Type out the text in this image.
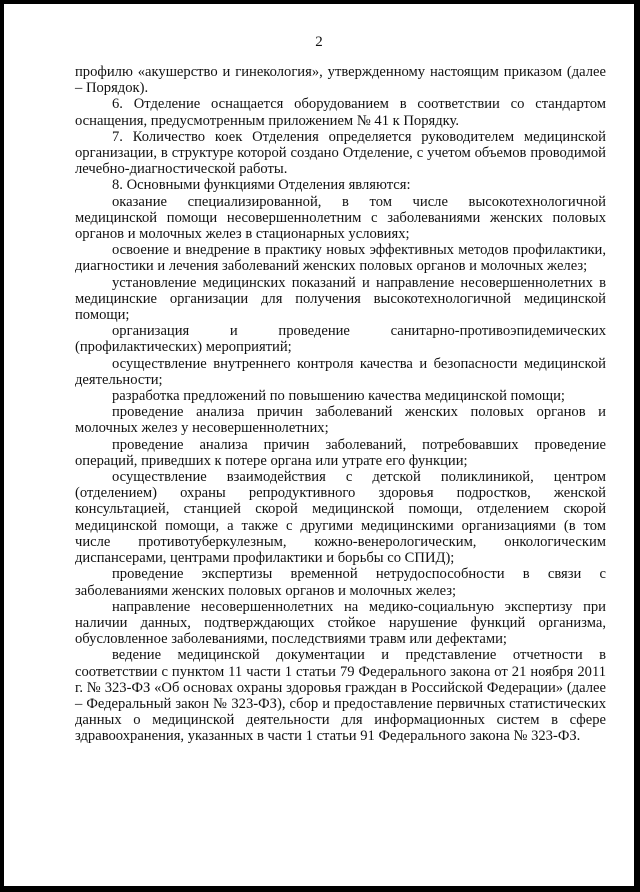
2

профилю «акушерство и гинекология», утвержденному настоящим приказом (далее – Порядок).

6. Отделение оснащается оборудованием в соответствии со стандартом оснащения, предусмотренным приложением № 41 к Порядку.

7. Количество коек Отделения определяется руководителем медицинской организации, в структуре которой создано Отделение, с учетом объемов проводимой лечебно-диагностической работы.

8. Основными функциями Отделения являются:

оказание специализированной, в том числе высокотехнологичной медицинской помощи несовершеннолетним с заболеваниями женских половых органов и молочных желез в стационарных условиях;

освоение и внедрение в практику новых эффективных методов профилактики, диагностики и лечения заболеваний женских половых органов и молочных желез;

установление медицинских показаний и направление несовершеннолетних в медицинские организации для получения высокотехнологичной медицинской помощи;

организация и проведение санитарно-противоэпидемических (профилактических) мероприятий;

осуществление внутреннего контроля качества и безопасности медицинской деятельности;

разработка предложений по повышению качества медицинской помощи;

проведение анализа причин заболеваний женских половых органов и молочных желез у несовершеннолетних;

проведение анализа причин заболеваний, потребовавших проведение операций, приведших к потере органа или утрате его функции;

осуществление взаимодействия с детской поликлиникой, центром (отделением) охраны репродуктивного здоровья подростков, женской консультацией, станцией скорой медицинской помощи, отделением скорой медицинской помощи, а также с другими медицинскими организациями (в том числе противотуберкулезным, кожно-венерологическим, онкологическим диспансерами, центрами профилактики и борьбы со СПИД);

проведение экспертизы временной нетрудоспособности в связи с заболеваниями женских половых органов и молочных желез;

направление несовершеннолетних на медико-социальную экспертизу при наличии данных, подтверждающих стойкое нарушение функций организма, обусловленное заболеваниями, последствиями травм или дефектами;

ведение медицинской документации и представление отчетности в соответствии с пунктом 11 части 1 статьи 79 Федерального закона от 21 ноября 2011 г. № 323-ФЗ «Об основах охраны здоровья граждан в Российской Федерации» (далее – Федеральный закон № 323-ФЗ), сбор и предоставление первичных статистических данных о медицинской деятельности для информационных систем в сфере здравоохранения, указанных в части 1 статьи 91 Федерального закона № 323-ФЗ.
